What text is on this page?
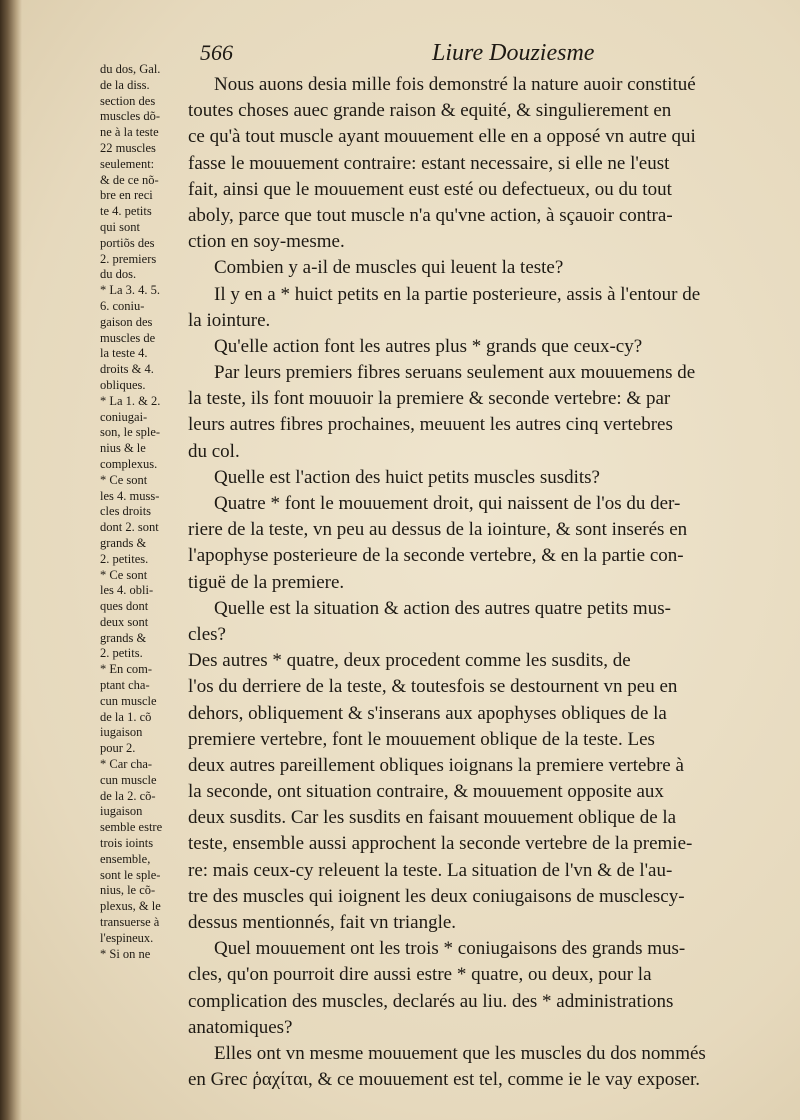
566	Liure Douziesme
du dos, Gal.
de la diss.
section des
muscles dõ-
ne à la teste
22 muscles
seulement:
& de ce nõ-
bre en reci
te 4. petits
qui sont
portiõs des
2. premiers
du dos.
* La 3. 4. 5.
6. coniu-
gaison des
muscles de
la teste 4.
droits & 4.
obliques.
* La 1. & 2.
coniugai-
son, le sple-
nius & le
complexus.
* Ce sont
les 4. muss-
cles droits
dont 2. sont
grands &
2. petites.
* Ce sont
les 4. obli-
ques dont
deux sont
grands &
2. petits.
* En com-
ptant cha-
cun muscle
de la 1. cõ
iugaison
pour 2.
* Car cha-
cun muscle
de la 2. cõ-
iugaison
semble estre
trois ioints
ensemble,
sont le sple-
nius, le cõ-
plexus, & le
transuerse à
l'espineux.
* Si on ne
Nous auons desia mille fois demonstré la nature auoir constitué
toutes choses auec grande raison & equité, & singulierement en
ce qu'à tout muscle ayant mouuement elle en a opposé vn autre qui
fasse le mouuement contraire: estant necessaire, si elle ne l'eust
fait, ainsi que le mouuement eust esté ou defectueux, ou du tout
aboly, parce que tout muscle n'a qu'vne action, à sçauoir contra-
ction en soy-mesme.
Combien y a-il de muscles qui leuent la teste?
Il y en a * huict petits en la partie posterieure, assis à l'entour de
la iointure.
Qu'elle action font les autres plus * grands que ceux-cy?
Par leurs premiers fibres seruans seulement aux mouuemens de
la teste, ils font mouuoir la premiere & seconde vertebre: & par
leurs autres fibres prochaines, meuuent les autres cinq vertebres
du col.
Quelle est l'action des huict petits muscles susdits?
Quatre * font le mouuement droit, qui naissent de l'os du der-
riere de la teste, vn peu au dessus de la iointure, & sont inserés en
l'apophyse posterieure de la seconde vertebre, & en la partie con-
tiguë de la premiere.
Quelle est la situation & action des autres quatre petits mus-
cles?
Des autres * quatre, deux procedent comme les susdits, de
l'os du derriere de la teste, & toutesfois se destournent vn peu en
dehors, obliquement & s'inserans aux apophyses obliques de la
premiere vertebre, font le mouuement oblique de la teste. Les
deux autres pareillement obliques ioignans la premiere vertebre à
la seconde, ont situation contraire, & mouuement opposite aux
deux susdits. Car les susdits en faisant mouuement oblique de la
teste, ensemble aussi approchent la seconde vertebre de la premie-
re: mais ceux-cy releuent la teste. La situation de l'vn & de l'au-
tre des muscles qui ioignent les deux coniugaisons de musclescy-
dessus mentionnés, fait vn triangle.
Quel mouuement ont les trois * coniugaisons des grands mus-
cles, qu'on pourroit dire aussi estre * quatre, ou deux, pour la
complication des muscles, declarés au liu. des * administrations
anatomiques?
Elles ont vn mesme mouuement que les muscles du dos nommés
en Grec ῥαχίται, & ce mouuement est tel, comme ie le vay exposer.
